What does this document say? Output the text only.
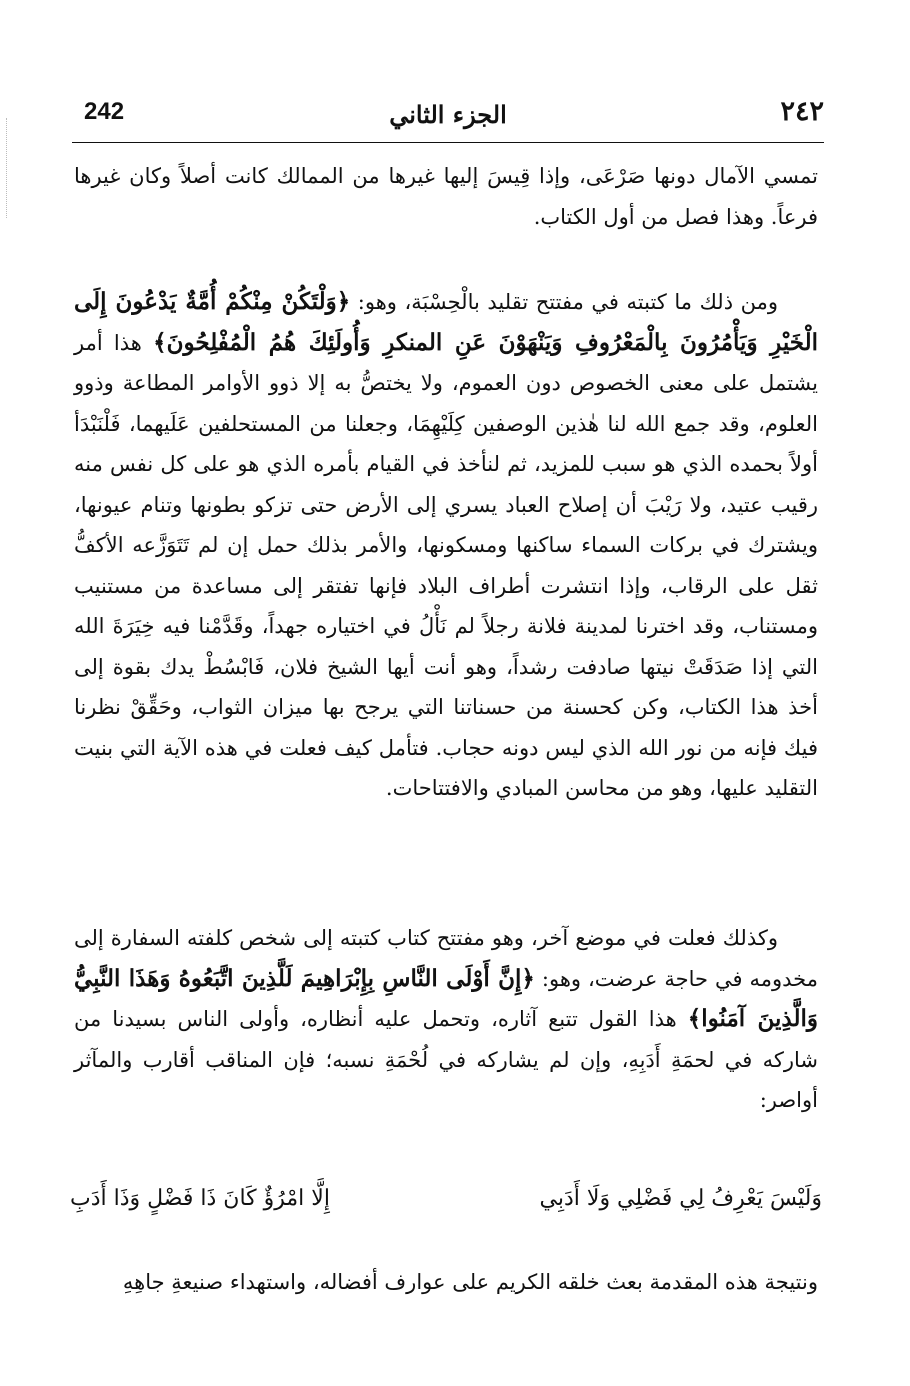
242	الجزء الثاني	٢٤٢

تمسي الآمال دونها صَرْعَى، وإذا قِيسَ إليها غيرها من الممالك كانت أصلاً وكان غيرها فرعاً. وهذا فصل من أول الكتاب.

ومن ذلك ما كتبته في مفتتح تقليد بالْحِسْبَة، وهو: ﴿وَلْتَكُنْ مِنْكُمْ أُمَّةٌ يَدْعُونَ إِلَى الْخَيْرِ وَيَأْمُرُونَ بِالْمَعْرُوفِ وَيَنْهَوْنَ عَنِ المنكرِ وَأُولَئِكَ هُمُ الْمُفْلِحُونَ﴾ هذا أمر يشتمل على معنى الخصوص دون العموم، ولا يختصُّ به إلا ذوو الأوامر المطاعة وذوو العلوم، وقد جمع الله لنا هٰذين الوصفين كِلَيْهِمَا، وجعلنا من المستحلفين عَلَيهما، فَلْنَبْدَأ أولاً بحمده الذي هو سبب للمزيد، ثم لنأخذ في القيام بأمره الذي هو على كل نفس منه رقيب عتيد، ولا رَيْبَ أن إصلاح العباد يسري إلى الأرض حتى تزكو بطونها وتنام عيونها، ويشترك في بركات السماء ساكنها ومسكونها، والأمر بذلك حمل إن لم تَتَوَزَّعه الأكفُّ ثقل على الرقاب، وإذا انتشرت أطراف البلاد فإنها تفتقر إلى مساعدة من مستنيب ومستناب، وقد اخترنا لمدينة فلانة رجلاً لم نَأْلُ في اختياره جهداً، وقَدَّمْنا فيه خِيَرَةَ الله التي إذا صَدَقَتْ نيتها صادفت رشداً، وهو أنت أيها الشيخ فلان، فَابْسُطْ يدك بقوة إلى أخذ هذا الكتاب، وكن كحسنة من حسناتنا التي يرجح بها ميزان الثواب، وحَقِّقْ نظرنا فيك فإنه من نور الله الذي ليس دونه حجاب. فتأمل كيف فعلت في هذه الآية التي بنيت التقليد عليها، وهو من محاسن المبادي والافتتاحات.

وكذلك فعلت في موضع آخر، وهو مفتتح كتاب كتبته إلى شخص كلفته السفارة إلى مخدومه في حاجة عرضت، وهو: ﴿إِنَّ أَوْلَى النَّاسِ بِإِبْرَاهِيمَ لَلَّذِينَ اتَّبَعُوهُ وَهَذَا النَّبِيُّ وَالَّذِينَ آمَنُوا﴾ هذا القول تتبع آثاره، وتحمل عليه أنظاره، وأولى الناس بسيدنا من شاركه في لحمَةِ أَدَبِهِ، وإن لم يشاركه في لُحْمَةِ نسبه؛ فإن المناقب أقارب والمآثر أواصر:

وَلَيْسَ يَعْرِفُ لِي فَضْلِي وَلَا أَدَبِي
إِلَّا امْرُؤٌ كَانَ ذَا فَضْلٍ وَذَا أَدَبِ

ونتيجة هذه المقدمة بعث خلقه الكريم على عوارف أفضاله، واستهداء صنيعةِ جاهِهِ
